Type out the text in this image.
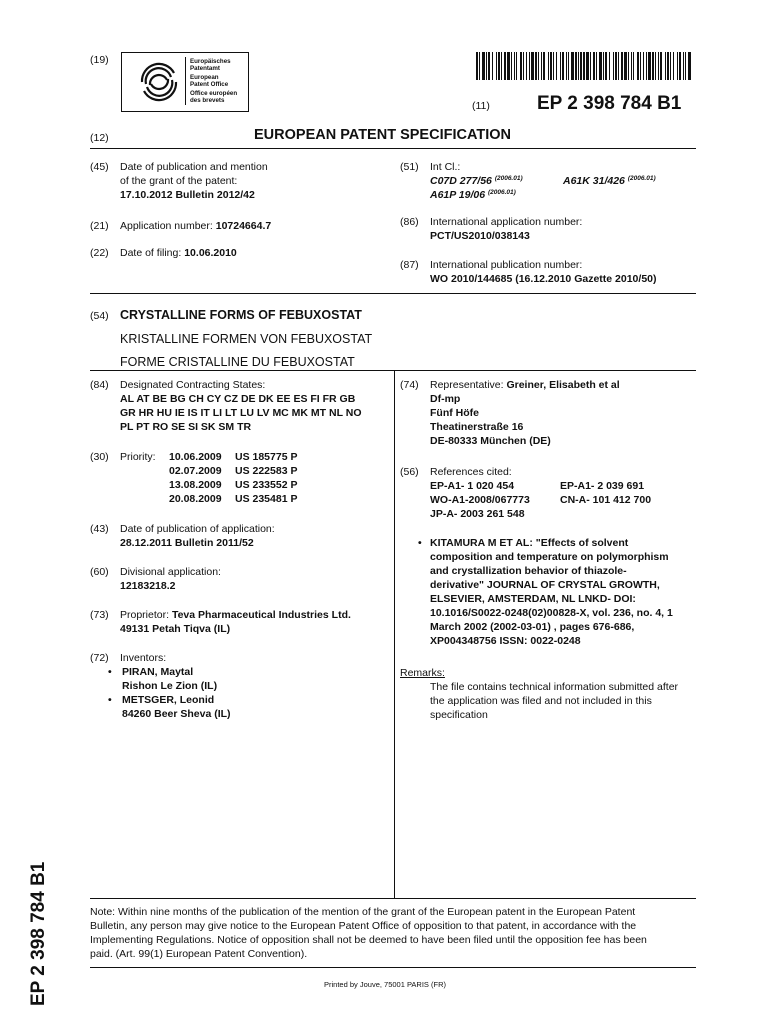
(19)	Europäisches
Patentamt
European
Patent Office
Office européen
des brevets	(11) EP 2 398 784 B1
(12)	EUROPEAN PATENT SPECIFICATION
(45) Date of publication and mention
of the grant of the patent:
17.10.2012 Bulletin 2012/42
(51) Int Cl.:
C07D 277/56 $^{(2006.01)}$	A61K 31/426 $^{(2006.01)}$
A61P 19/06 $^{(2006.01)}$
(21) Application number: 10724664.7	(86) International application number:
PCT/US2010/038143
(22) Date of filing: 10.06.2010
(87) International publication number:
WO 2010/144685 (16.12.2010 Gazette 2010/50)
(54) CRYSTALLINE FORMS OF FEBUXOSTAT
KRISTALLINE FORMEN VON FEBUXOSTAT
FORME CRISTALLINE DU FEBUXOSTAT
(84) Designated Contracting States:
AL AT BE BG CH CY CZ DE DK EE ES FI FR GB
GR HR HU IE IS IT LI LT LU LV MC MK MT NL NO
PL PT RO SE SI SK SM TR
(30) Priority: 10.06.2009 US 185775 P
02.07.2009 US 222583 P
13.08.2009 US 233552 P
20.08.2009 US 235481 P
(43) Date of publication of application:
28.12.2011 Bulletin 2011/52
(60) Divisional application:
12183218.2
(73) Proprietor: Teva Pharmaceutical Industries Ltd.
49131 Petah Tiqva (IL)
(72) Inventors:
• PIRAN, Maytal
Rishon Le Zion (IL)
• METSGER, Leonid
84260 Beer Sheva (IL)
(74) Representative: Greiner, Elisabeth et al
Df-mp
Fünf Höfe
Theatinerstraße 16
DE-80333 München (DE)
(56) References cited:
EP-A1- 1 020 454	EP-A1- 2 039 691
WO-A1-2008/067773	CN-A- 101 412 700
JP-A- 2003 261 548
• KITAMURA M ET AL: "Effects of solvent
composition and temperature on polymorphism
and crystallization behavior of thiazole-
derivative" JOURNAL OF CRYSTAL GROWTH,
ELSEVIER, AMSTERDAM, NL LNKD- DOI:
10.1016/S0022-0248(02)00828-X, vol. 236, no. 4, 1
March 2002 (2002-03-01) , pages 676-686,
XP004348756 ISSN: 0022-0248
Remarks:
The file contains technical information submitted after
the application was filed and not included in this
specification
EP 2 398 784 B1	Note: Within nine months of the publication of the mention of the grant of the European patent in the European Patent
Bulletin, any person may give notice to the European Patent Office of opposition to that patent, in accordance with the
Implementing Regulations. Notice of opposition shall not be deemed to have been filed until the opposition fee has been
paid. (Art. 99(1) European Patent Convention).
Printed by Jouve, 75001 PARIS (FR)
